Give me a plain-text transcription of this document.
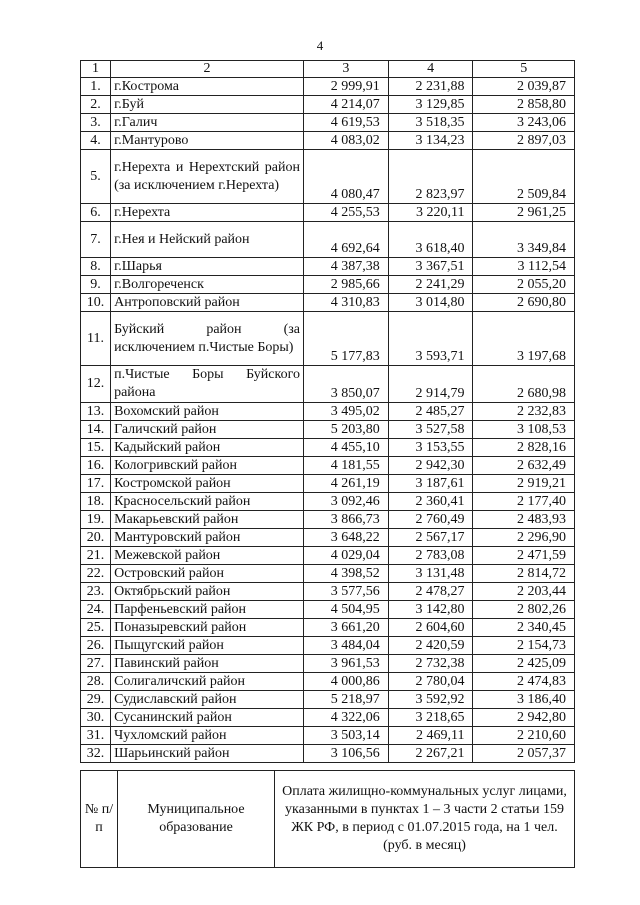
4
1	2	3	4	5
1.	г.Кострома	2 999,91	2 231,88	2 039,87
2.	г.Буй	4 214,07	3 129,85	2 858,80
3.	г.Галич	4 619,53	3 518,35	3 243,06
4.	г.Мантурово	4 083,02	3 134,23	2 897,03
5.	г.Нерехта и Нерехтский район (за исключением г.Нерехта)	4 080,47	2 823,97	2 509,84
6.	г.Нерехта	4 255,53	3 220,11	2 961,25
7.	г.Нея и Нейский район	4 692,64	3 618,40	3 349,84
8.	г.Шарья	4 387,38	3 367,51	3 112,54
9.	г.Волгореченск	2 985,66	2 241,29	2 055,20
10.	Антроповский район	4 310,83	3 014,80	2 690,80
11.	Буйский район (за исключением п.Чистые Боры)	5 177,83	3 593,71	3 197,68
12.	п.Чистые Боры Буйского района	3 850,07	2 914,79	2 680,98
13.	Вохомский район	3 495,02	2 485,27	2 232,83
14.	Галичский район	5 203,80	3 527,58	3 108,53
15.	Кадыйский район	4 455,10	3 153,55	2 828,16
16.	Кологривский район	4 181,55	2 942,30	2 632,49
17.	Костромской район	4 261,19	3 187,61	2 919,21
18.	Красносельский район	3 092,46	2 360,41	2 177,40
19.	Макарьевский район	3 866,73	2 760,49	2 483,93
20.	Мантуровский район	3 648,22	2 567,17	2 296,90
21.	Межевской район	4 029,04	2 783,08	2 471,59
22.	Островский район	4 398,52	3 131,48	2 814,72
23.	Октябрьский район	3 577,56	2 478,27	2 203,44
24.	Парфеньевский район	4 504,95	3 142,80	2 802,26
25.	Поназыревский район	3 661,20	2 604,60	2 340,45
26.	Пыщугский район	3 484,04	2 420,59	2 154,73
27.	Павинский район	3 961,53	2 732,38	2 425,09
28.	Солигаличский район	4 000,86	2 780,04	2 474,83
29.	Судиславский район	5 218,97	3 592,92	3 186,40
30.	Сусанинский район	4 322,06	3 218,65	2 942,80
31.	Чухломский район	3 503,14	2 469,11	2 210,60
32.	Шарьинский район	3 106,56	2 267,21	2 057,37
№ п/п	Муниципальное образование	Оплата жилищно-коммунальных услуг лицами, указанными в пунктах 1 – 3 части 2 статьи 159 ЖК РФ, в период с 01.07.2015 года, на 1 чел. (руб. в месяц)
